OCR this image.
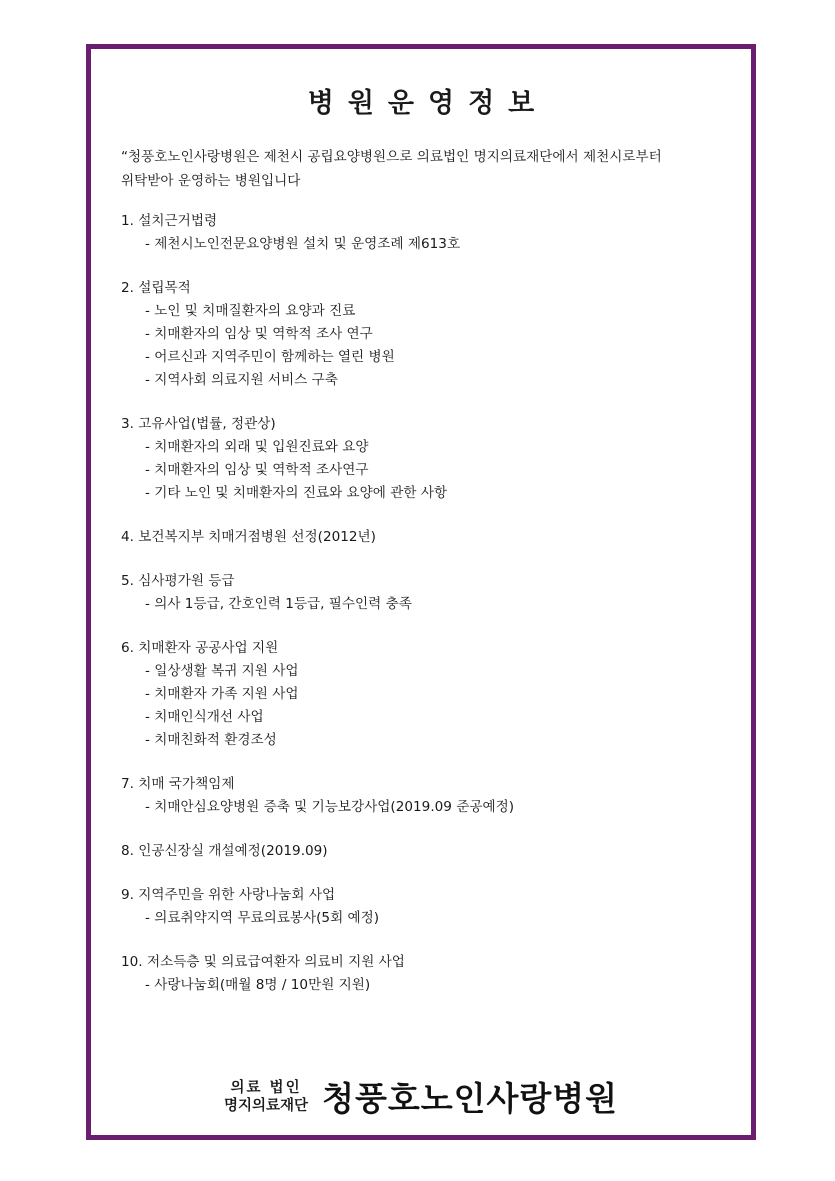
병원운영정보
“청풍호노인사랑병원은 제천시 공립요양병원으로 의료법인 명지의료재단에서 제천시로부터
위탁받아 운영하는 병원입니다
1. 설치근거법령
- 제천시노인전문요양병원 설치 및 운영조례 제613호
2. 설립목적
- 노인 및 치매질환자의 요양과 진료
- 치매환자의 임상 및 역학적 조사 연구
- 어르신과 지역주민이 함께하는 열린 병원
- 지역사회 의료지원 서비스 구축
3. 고유사업(법률, 정관상)
- 치매환자의 외래 및 입원진료와 요양
- 치매환자의 임상 및 역학적 조사연구
- 기타 노인 및 치매환자의 진료와 요양에 관한 사항
4. 보건복지부 치매거점병원 선정(2012년)
5. 심사평가원 등급
- 의사 1등급, 간호인력 1등급, 필수인력 충족
6. 치매환자 공공사업 지원
- 일상생활 복귀 지원 사업
- 치매환자 가족 지원 사업
- 치매인식개선 사업
- 치매친화적 환경조성
7. 치매 국가책임제
- 치매안심요양병원 증축 및 기능보강사업(2019.09 준공예정)
8. 인공신장실 개설예정(2019.09)
9. 지역주민을 위한 사랑나눔회 사업
- 의료취약지역 무료의료봉사(5회 예정)
10. 저소득층 및 의료급여환자 의료비 지원 사업
- 사랑나눔회(매월 8명 / 10만원 지원)
의료 법인
명지의료재단 청풍호노인사랑병원
